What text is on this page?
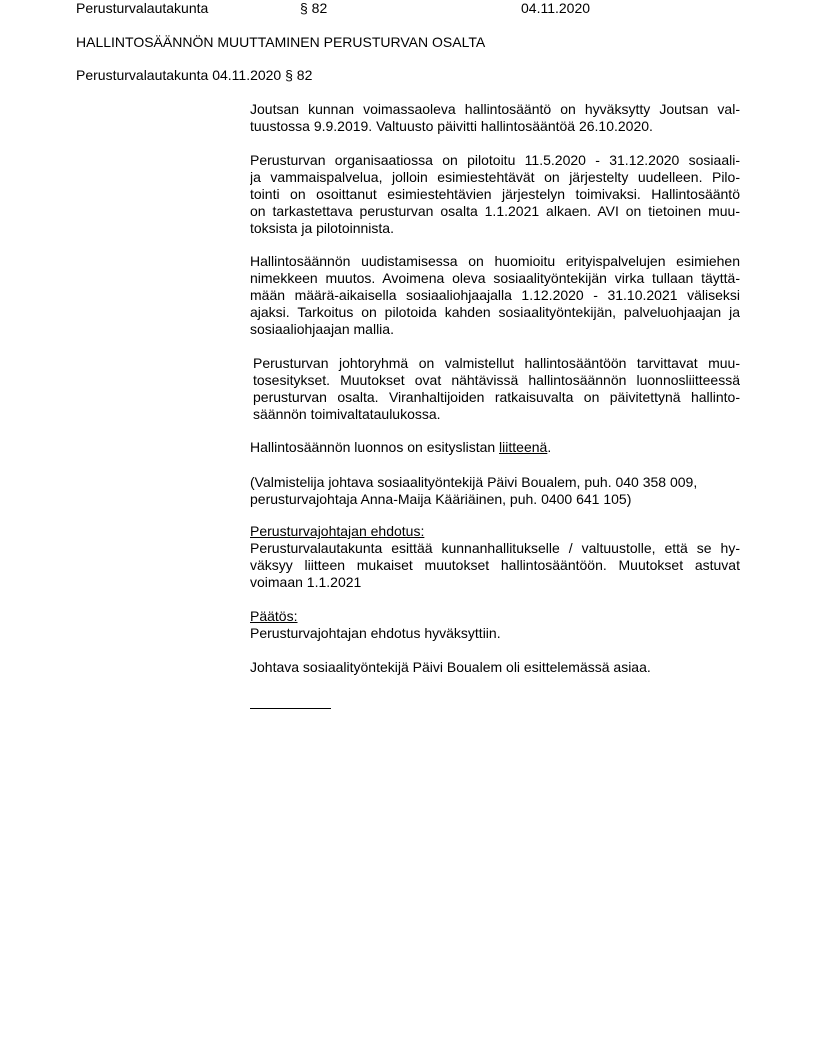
Perusturvalautakunta	§ 82	04.11.2020
HALLINTOSÄÄNNÖN MUUTTAMINEN PERUSTURVAN OSALTA
Perusturvalautakunta 04.11.2020 § 82
Joutsan kunnan voimassaoleva hallintosääntö on hyväksytty Joutsan val-
tuustossa 9.9.2019. Valtuusto päivitti hallintosääntöä 26.10.2020.
Perusturvan organisaatiossa on pilotoitu 11.5.2020 - 31.12.2020 sosiaali-
ja vammaispalvelua, jolloin esimiestehtävät on järjestelty uudelleen. Pilo-
tointi on osoittanut esimiestehtävien järjestelyn toimivaksi. Hallintosääntö
on tarkastettava perusturvan osalta 1.1.2021 alkaen. AVI on tietoinen muu-
toksista ja pilotoinnista.
Hallintosäännön uudistamisessa on huomioitu erityispalvelujen esimiehen
nimekkeen muutos. Avoimena oleva sosiaalityöntekijän virka tullaan täyttä-
mään määrä-aikaisella sosiaaliohjaajalla 1.12.2020 - 31.10.2021 väliseksi
ajaksi. Tarkoitus on pilotoida kahden sosiaalityöntekijän, palveluohjaajan ja
sosiaaliohjaajan mallia.
Perusturvan johtoryhmä on valmistellut hallintosääntöön tarvittavat muu-
tosesitykset. Muutokset ovat nähtävissä hallintosäännön luonnosliitteessä
perusturvan osalta. Viranhaltijoiden ratkaisuvalta on päivitettynä hallinto-
säännön toimivaltataulukossa.
Hallintosäännön luonnos on esityslistan liitteenä.
(Valmistelija johtava sosiaalityöntekijä Päivi Boualem, puh. 040 358 009,
perusturvajohtaja Anna-Maija Kääriäinen, puh. 0400 641 105)
Perusturvajohtajan ehdotus:
Perusturvalautakunta esittää kunnanhallitukselle / valtuustolle, että se hy-
väksyy liitteen mukaiset muutokset hallintosääntöön. Muutokset astuvat
voimaan 1.1.2021
Päätös:
Perusturvajohtajan ehdotus hyväksyttiin.
Johtava sosiaalityöntekijä Päivi Boualem oli esittelemässä asiaa.
